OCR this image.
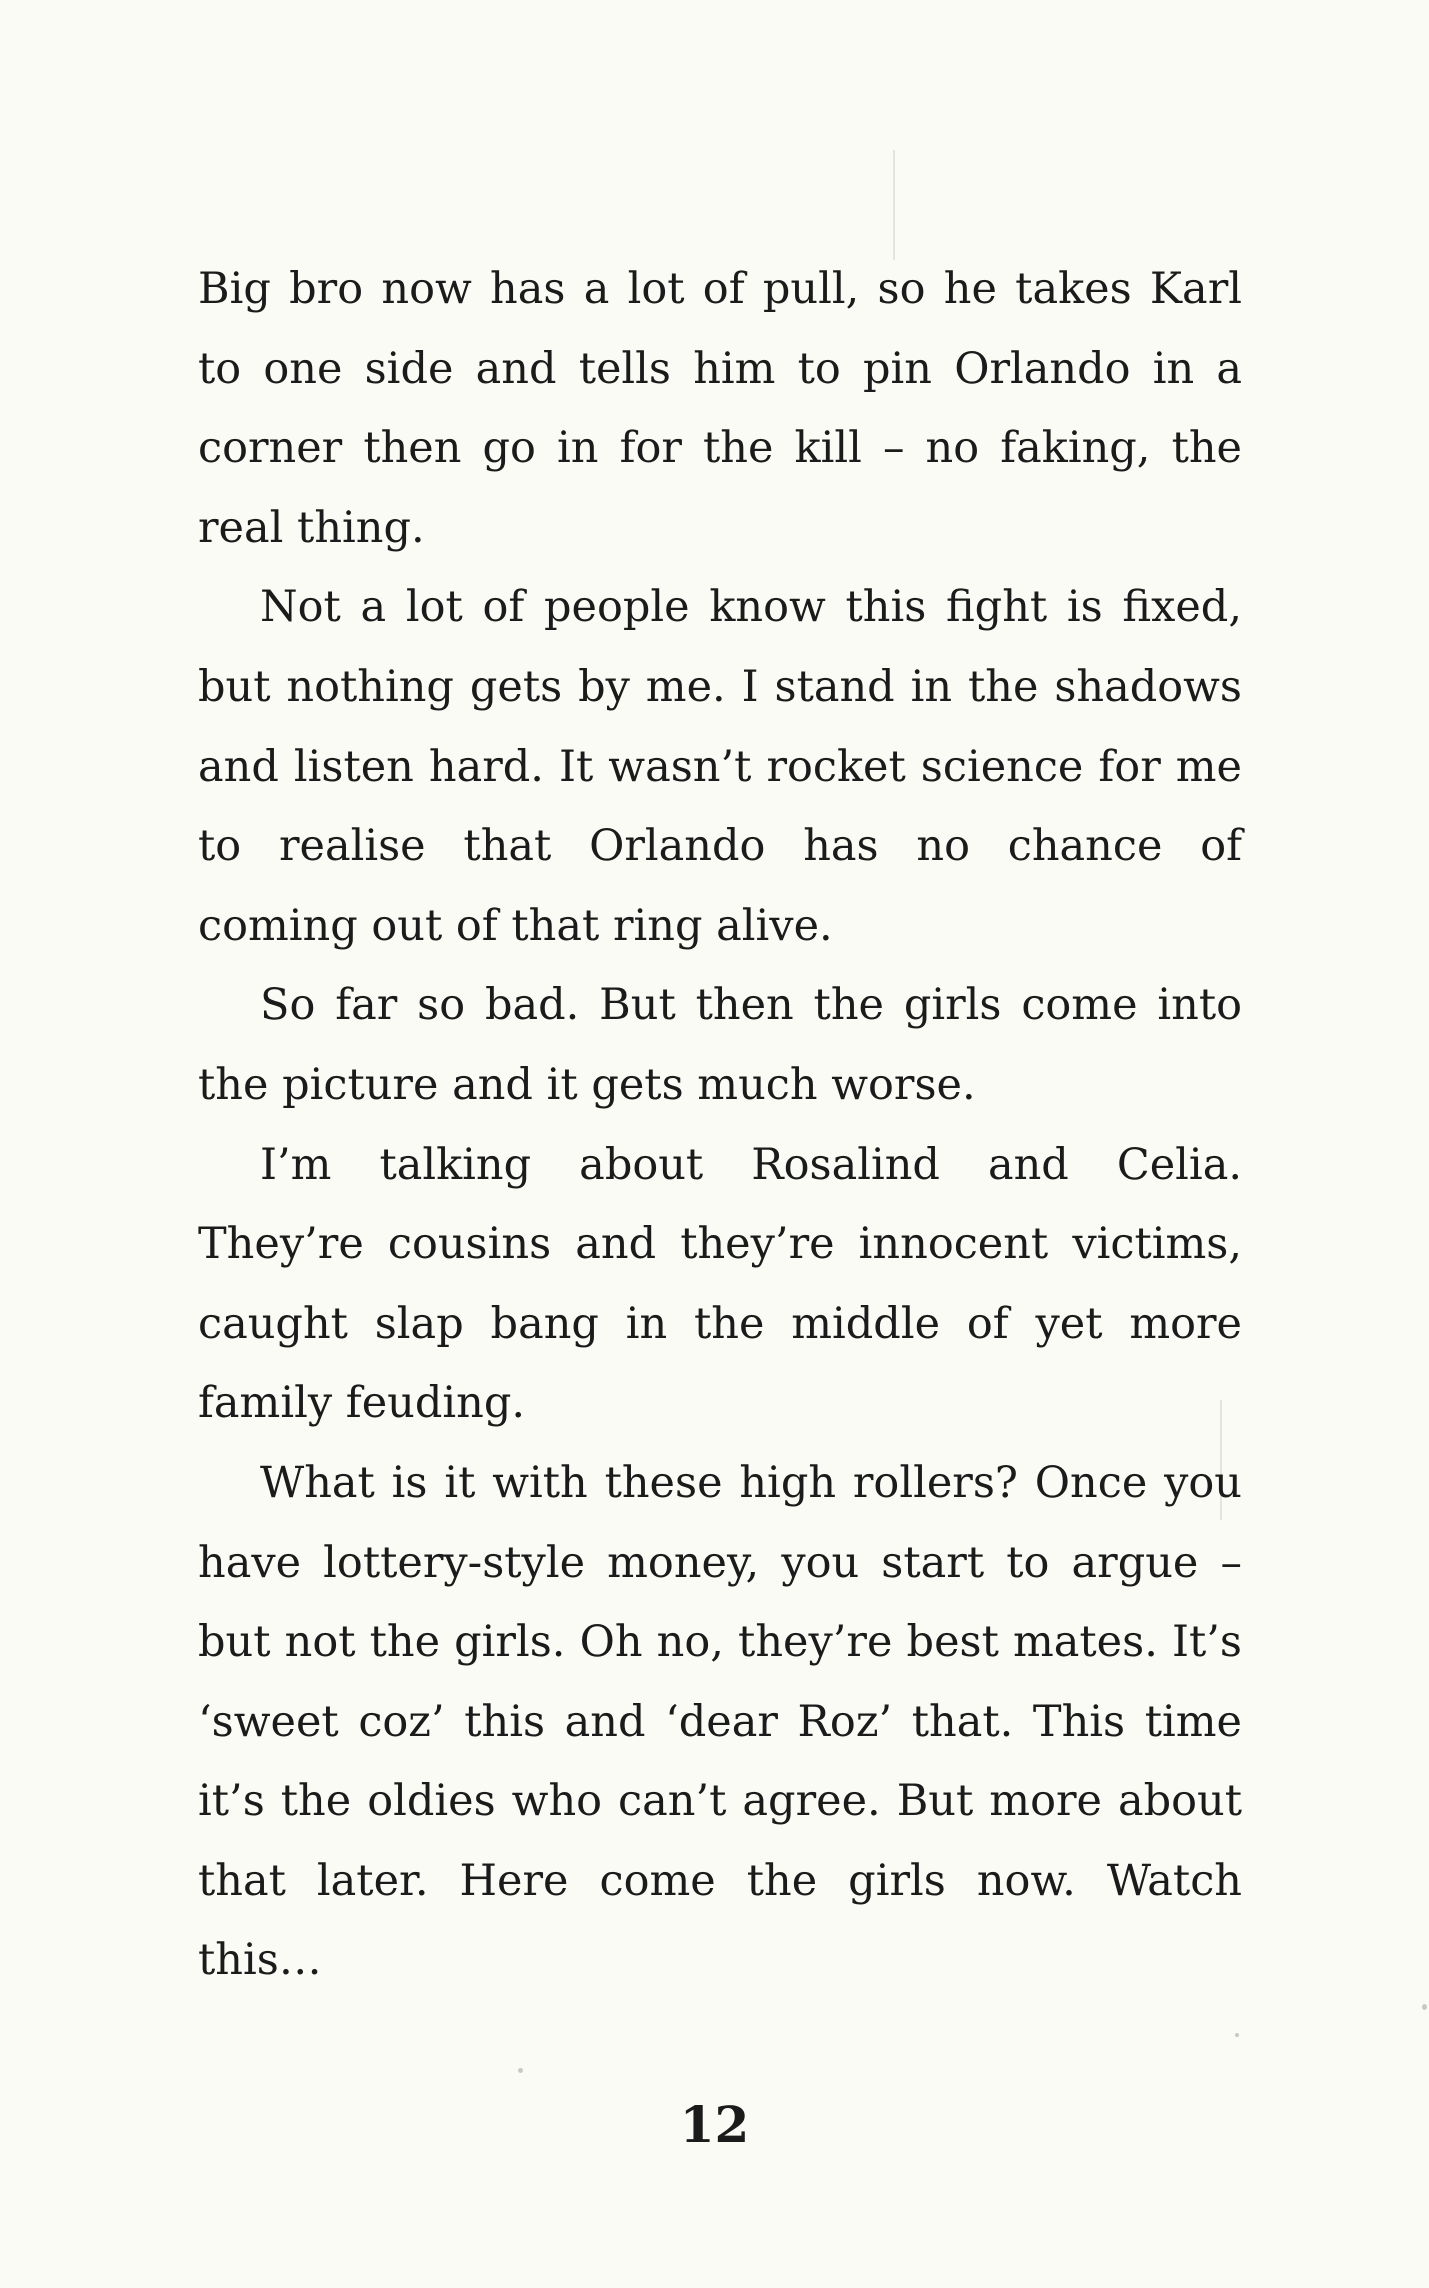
Big bro now has a lot of pull, so he takes Karl to one side and tells him to pin Orlando in a corner then go in for the kill – no faking, the real thing.

Not a lot of people know this fight is fixed, but nothing gets by me. I stand in the shadows and listen hard. It wasn’t rocket science for me to realise that Orlando has no chance of coming out of that ring alive.

So far so bad. But then the girls come into the picture and it gets much worse.

I’m talking about Rosalind and Celia. They’re cousins and they’re innocent victims, caught slap bang in the middle of yet more family feuding.

What is it with these high rollers? Once you have lottery-style money, you start to argue – but not the girls. Oh no, they’re best mates. It’s ‘sweet coz’ this and ‘dear Roz’ that. This time it’s the oldies who can’t agree. But more about that later. Here come the girls now. Watch this…

12
